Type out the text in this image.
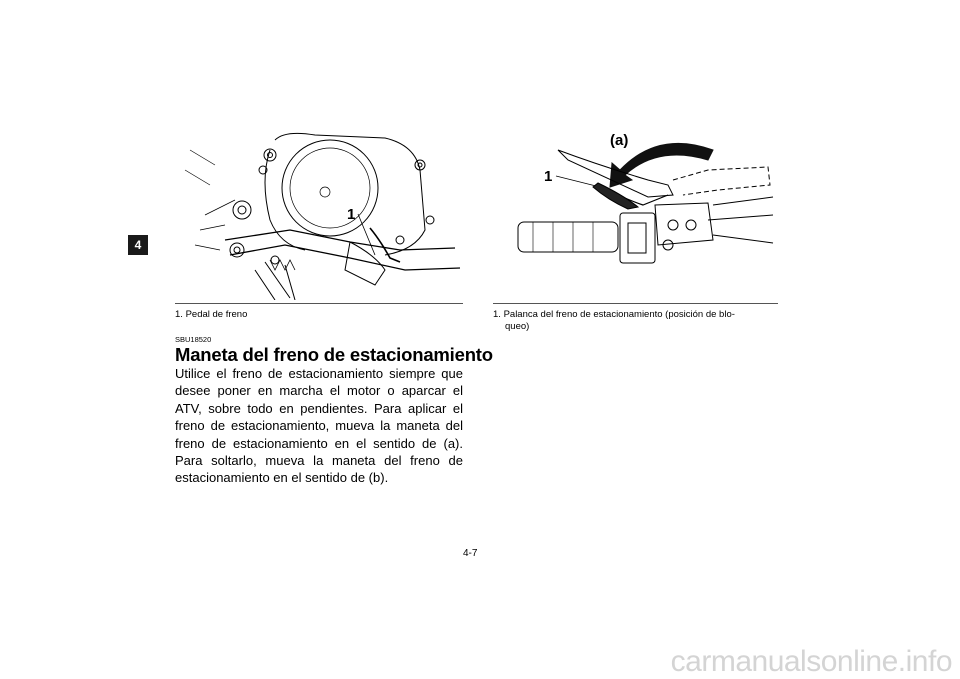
4
1
(a)
1
1. Pedal de freno	1. Palanca del freno de estacionamiento (posición de blo-
queo)
SBU18520
Maneta del freno de estacionamiento
Utilice el freno de estacionamiento siempre que desee poner en marcha el motor o aparcar el ATV, sobre todo en pendientes. Para aplicar el freno de estacionamiento, mueva la maneta del freno de estacionamiento en el sentido de (a). Para soltarlo, mueva la maneta del freno de estacionamiento en el sentido de (b).
4-7
carmanualsonline.info
